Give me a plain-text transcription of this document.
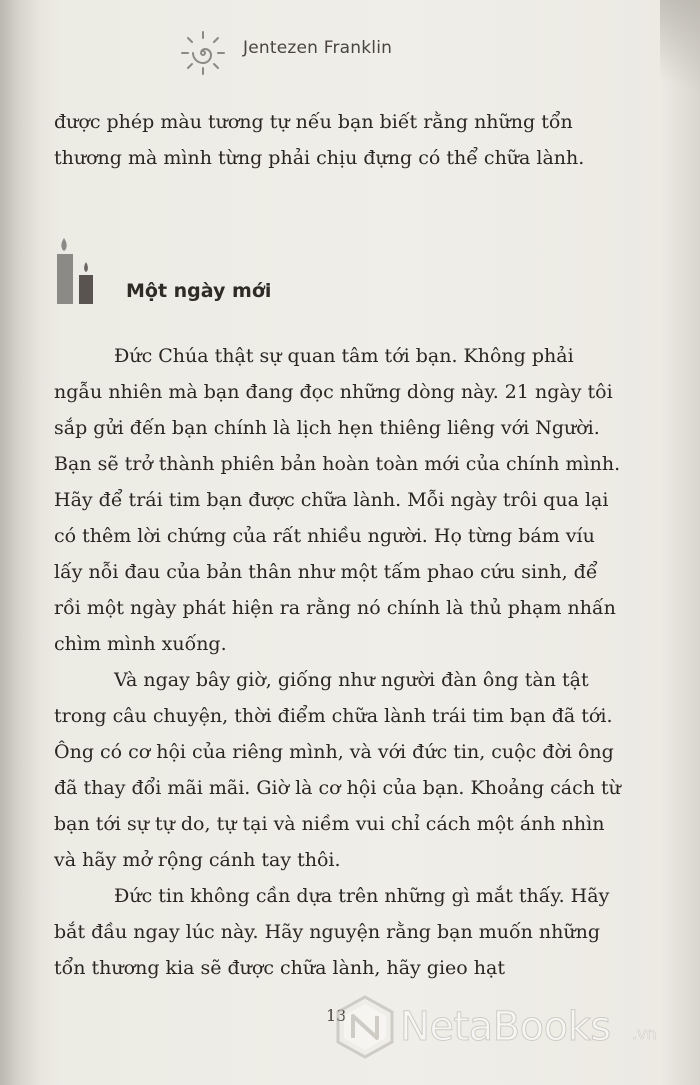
Jentezen Franklin

được phép màu tương tự nếu bạn biết rằng những tổn thương mà mình từng phải chịu đựng có thể chữa lành.

Một ngày mới

Đức Chúa thật sự quan tâm tới bạn. Không phải ngẫu nhiên mà bạn đang đọc những dòng này. 21 ngày tôi sắp gửi đến bạn chính là lịch hẹn thiêng liêng với Người. Bạn sẽ trở thành phiên bản hoàn toàn mới của chính mình. Hãy để trái tim bạn được chữa lành. Mỗi ngày trôi qua lại có thêm lời chứng của rất nhiều người. Họ từng bám víu lấy nỗi đau của bản thân như một tấm phao cứu sinh, để rồi một ngày phát hiện ra rằng nó chính là thủ phạm nhấn chìm mình xuống.

Và ngay bây giờ, giống như người đàn ông tàn tật trong câu chuyện, thời điểm chữa lành trái tim bạn đã tới. Ông có cơ hội của riêng mình, và với đức tin, cuộc đời ông đã thay đổi mãi mãi. Giờ là cơ hội của bạn. Khoảng cách từ bạn tới sự tự do, tự tại và niềm vui chỉ cách một ánh nhìn và hãy mở rộng cánh tay thôi.

Đức tin không cần dựa trên những gì mắt thấy. Hãy bắt đầu ngay lúc này. Hãy nguyện rằng bạn muốn những tổn thương kia sẽ được chữa lành, hãy gieo hạt

13 NetaBooks .vn
